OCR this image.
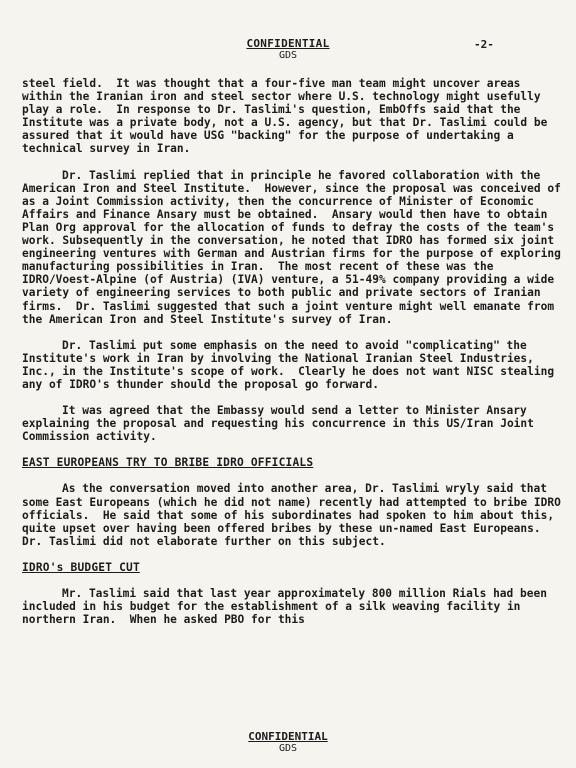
CONFIDENTIAL
GDS
-2-

steel field.  It was thought that a four-five man team might uncover areas within the Iranian iron and steel sector where U.S. technology might usefully play a role.  In response to Dr. Taslimi's question, EmbOffs said that the Institute was a private body, not a U.S. agency, but that Dr. Taslimi could be assured that it would have USG "backing" for the purpose of undertaking a technical survey in Iran.

Dr. Taslimi replied that in principle he favored collaboration with the American Iron and Steel Institute.  However, since the proposal was conceived of as a Joint Commission activity, then the concurrence of Minister of Economic Affairs and Finance Ansary must be obtained.  Ansary would then have to obtain Plan Org approval for the allocation of funds to defray the costs of the team's work. Subsequently in the conversation, he noted that IDRO has formed six joint engineering ventures with German and Austrian firms for the purpose of exploring manufacturing possibilities in Iran.  The most recent of these was the IDRO/Voest-Alpine (of Austria) (IVA) venture, a 51-49% company providing a wide variety of engineering services to both public and private sectors of Iranian firms.  Dr. Taslimi suggested that such a joint venture might well emanate from the American Iron and Steel Institute's survey of Iran.

Dr. Taslimi put some emphasis on the need to avoid "complicating" the Institute's work in Iran by involving the National Iranian Steel Industries, Inc., in the Institute's scope of work.  Clearly he does not want NISC stealing any of IDRO's thunder should the proposal go forward.

It was agreed that the Embassy would send a letter to Minister Ansary explaining the proposal and requesting his concurrence in this US/Iran Joint Commission activity.

EAST EUROPEANS TRY TO BRIBE IDRO OFFICIALS

As the conversation moved into another area, Dr. Taslimi wryly said that some East Europeans (which he did not name) recently had attempted to bribe IDRO officials.  He said that some of his subordinates had spoken to him about this, quite upset over having been offered bribes by these un-named East Europeans.  Dr. Taslimi did not elaborate further on this subject.

IDRO's BUDGET CUT

Mr. Taslimi said that last year approximately 800 million Rials had been included in his budget for the establishment of a silk weaving facility in northern Iran.  When he asked PBO for this

CONFIDENTIAL
GDS
